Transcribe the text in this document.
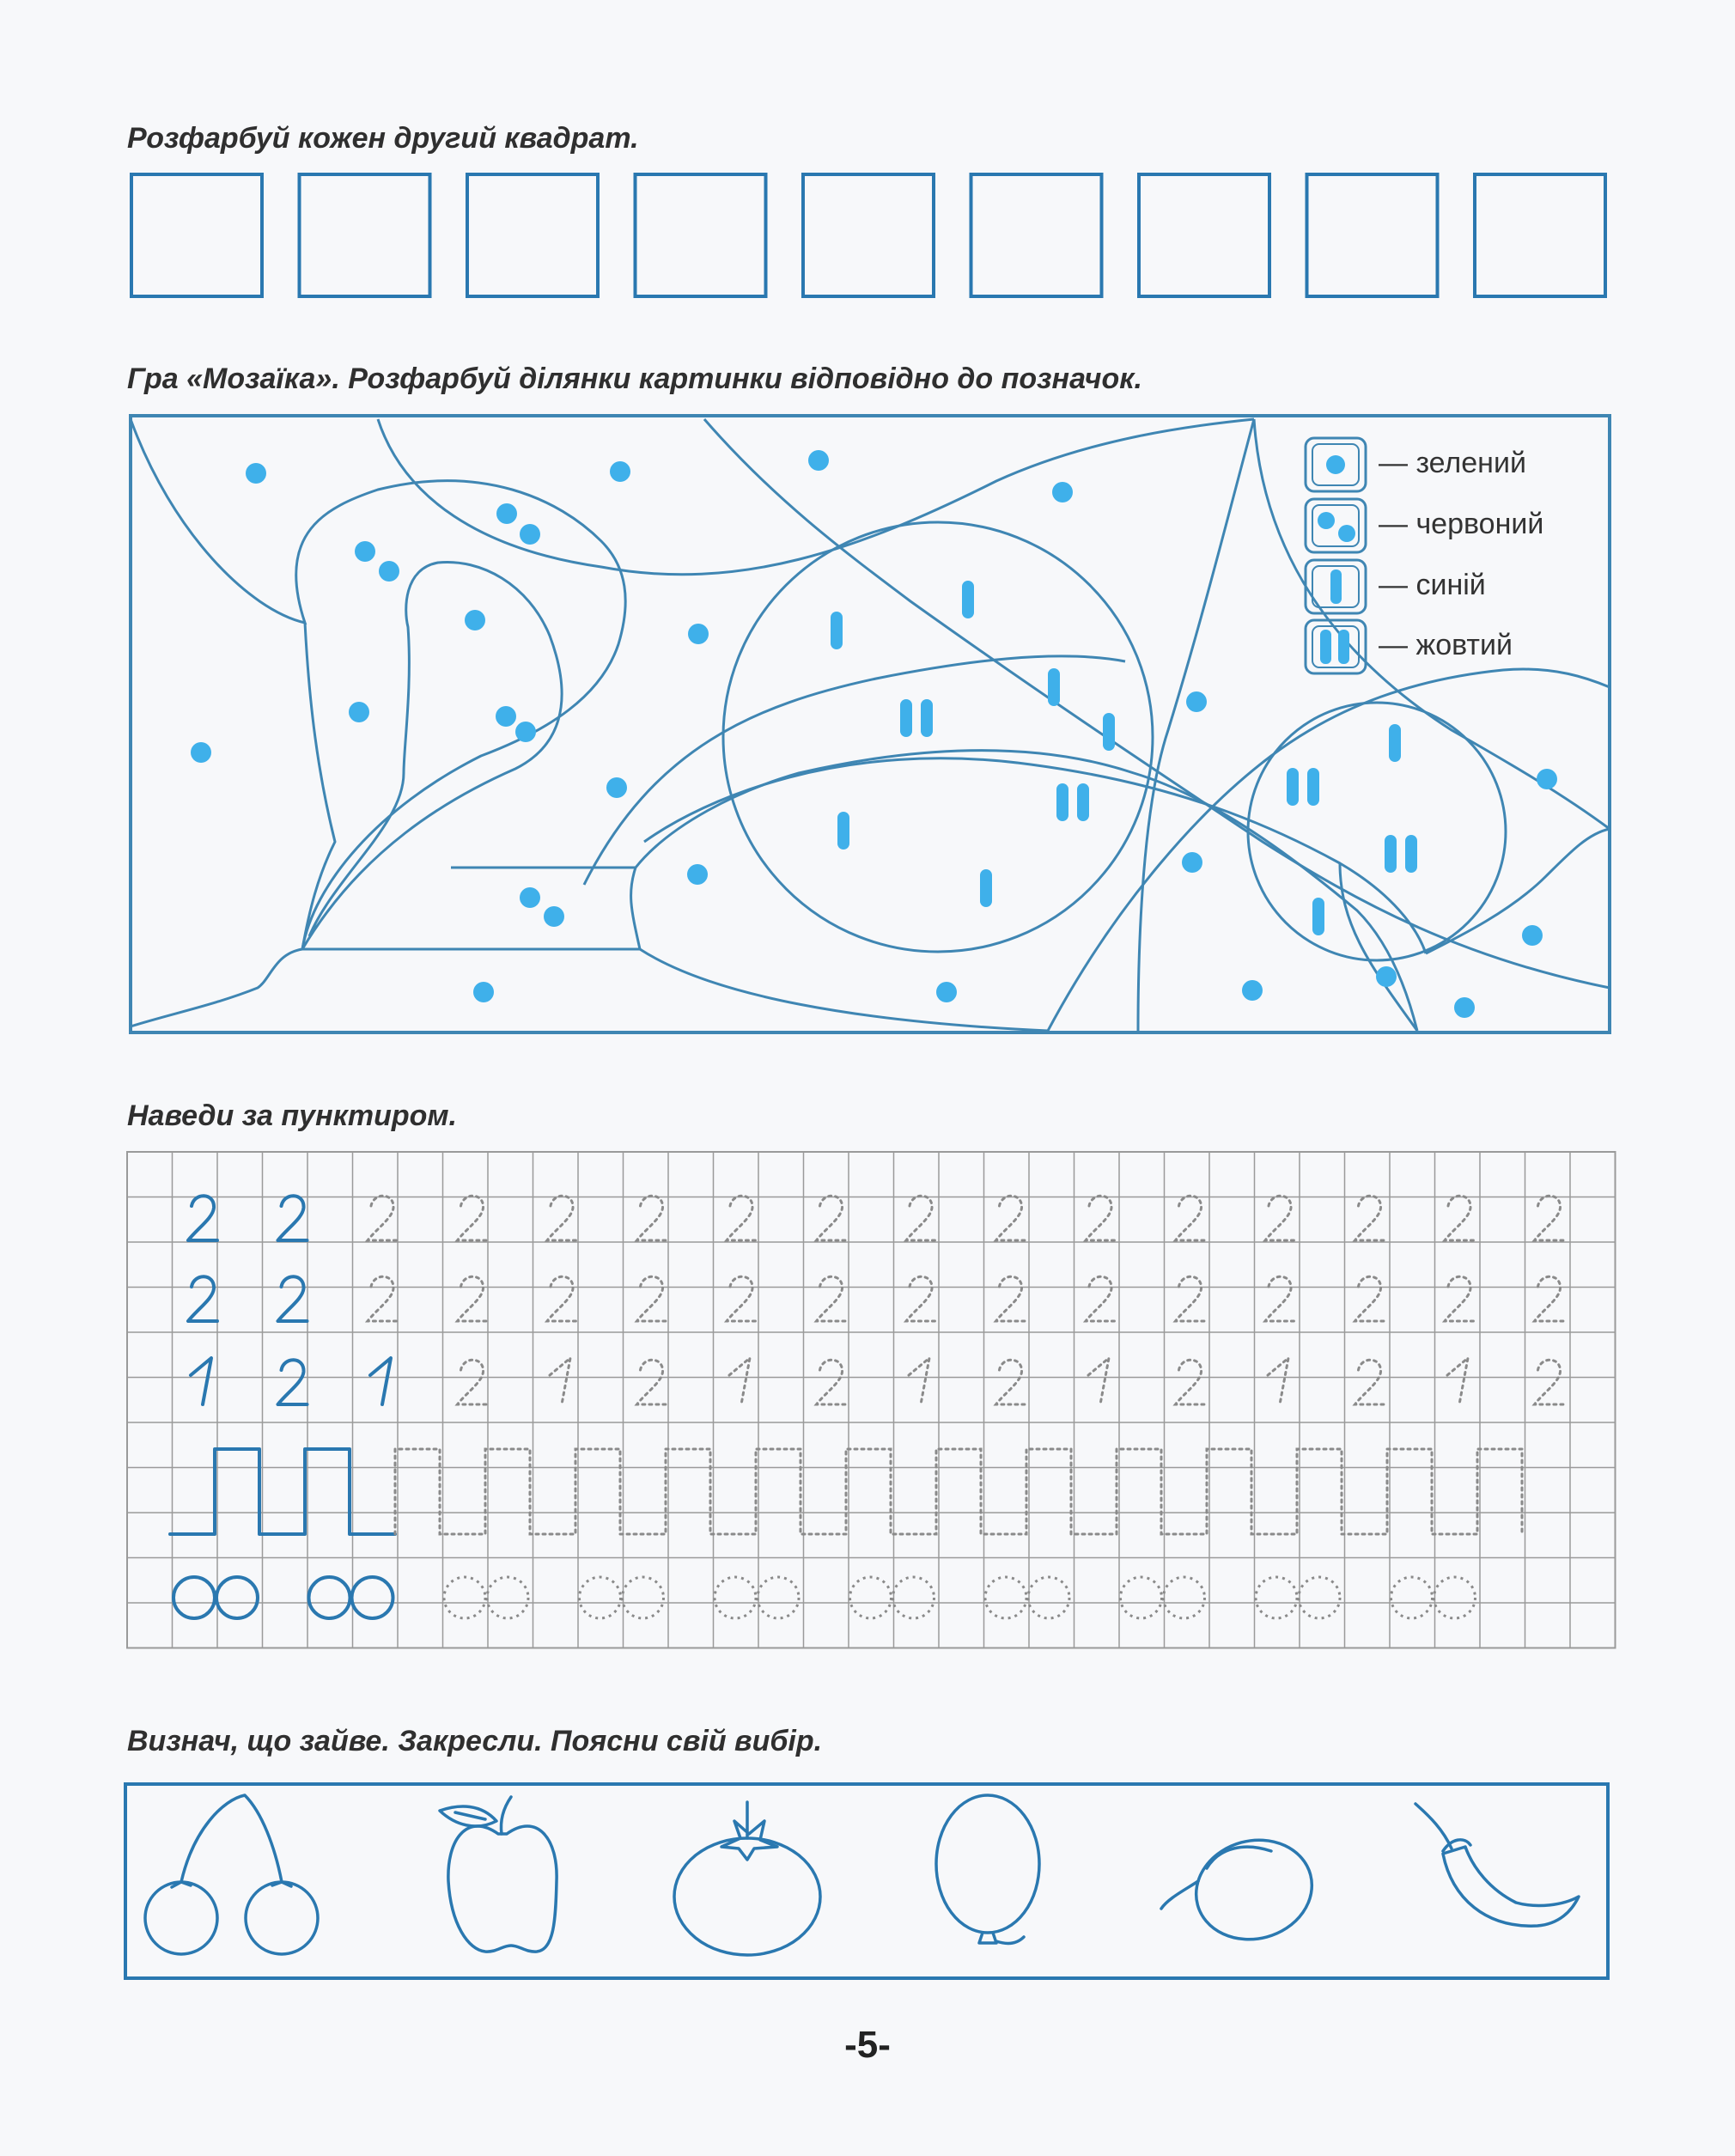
Розфарбуй кожен другий квадрат.
Гра «Мозаїка». Розфарбуй ділянки картинки відповідно до позначок.
— зелений
— червоний
— синій
— жовтий
Наведи за пунктиром.
Визнач, що зайве. Закресли. Поясни свій вибір.
-5-
